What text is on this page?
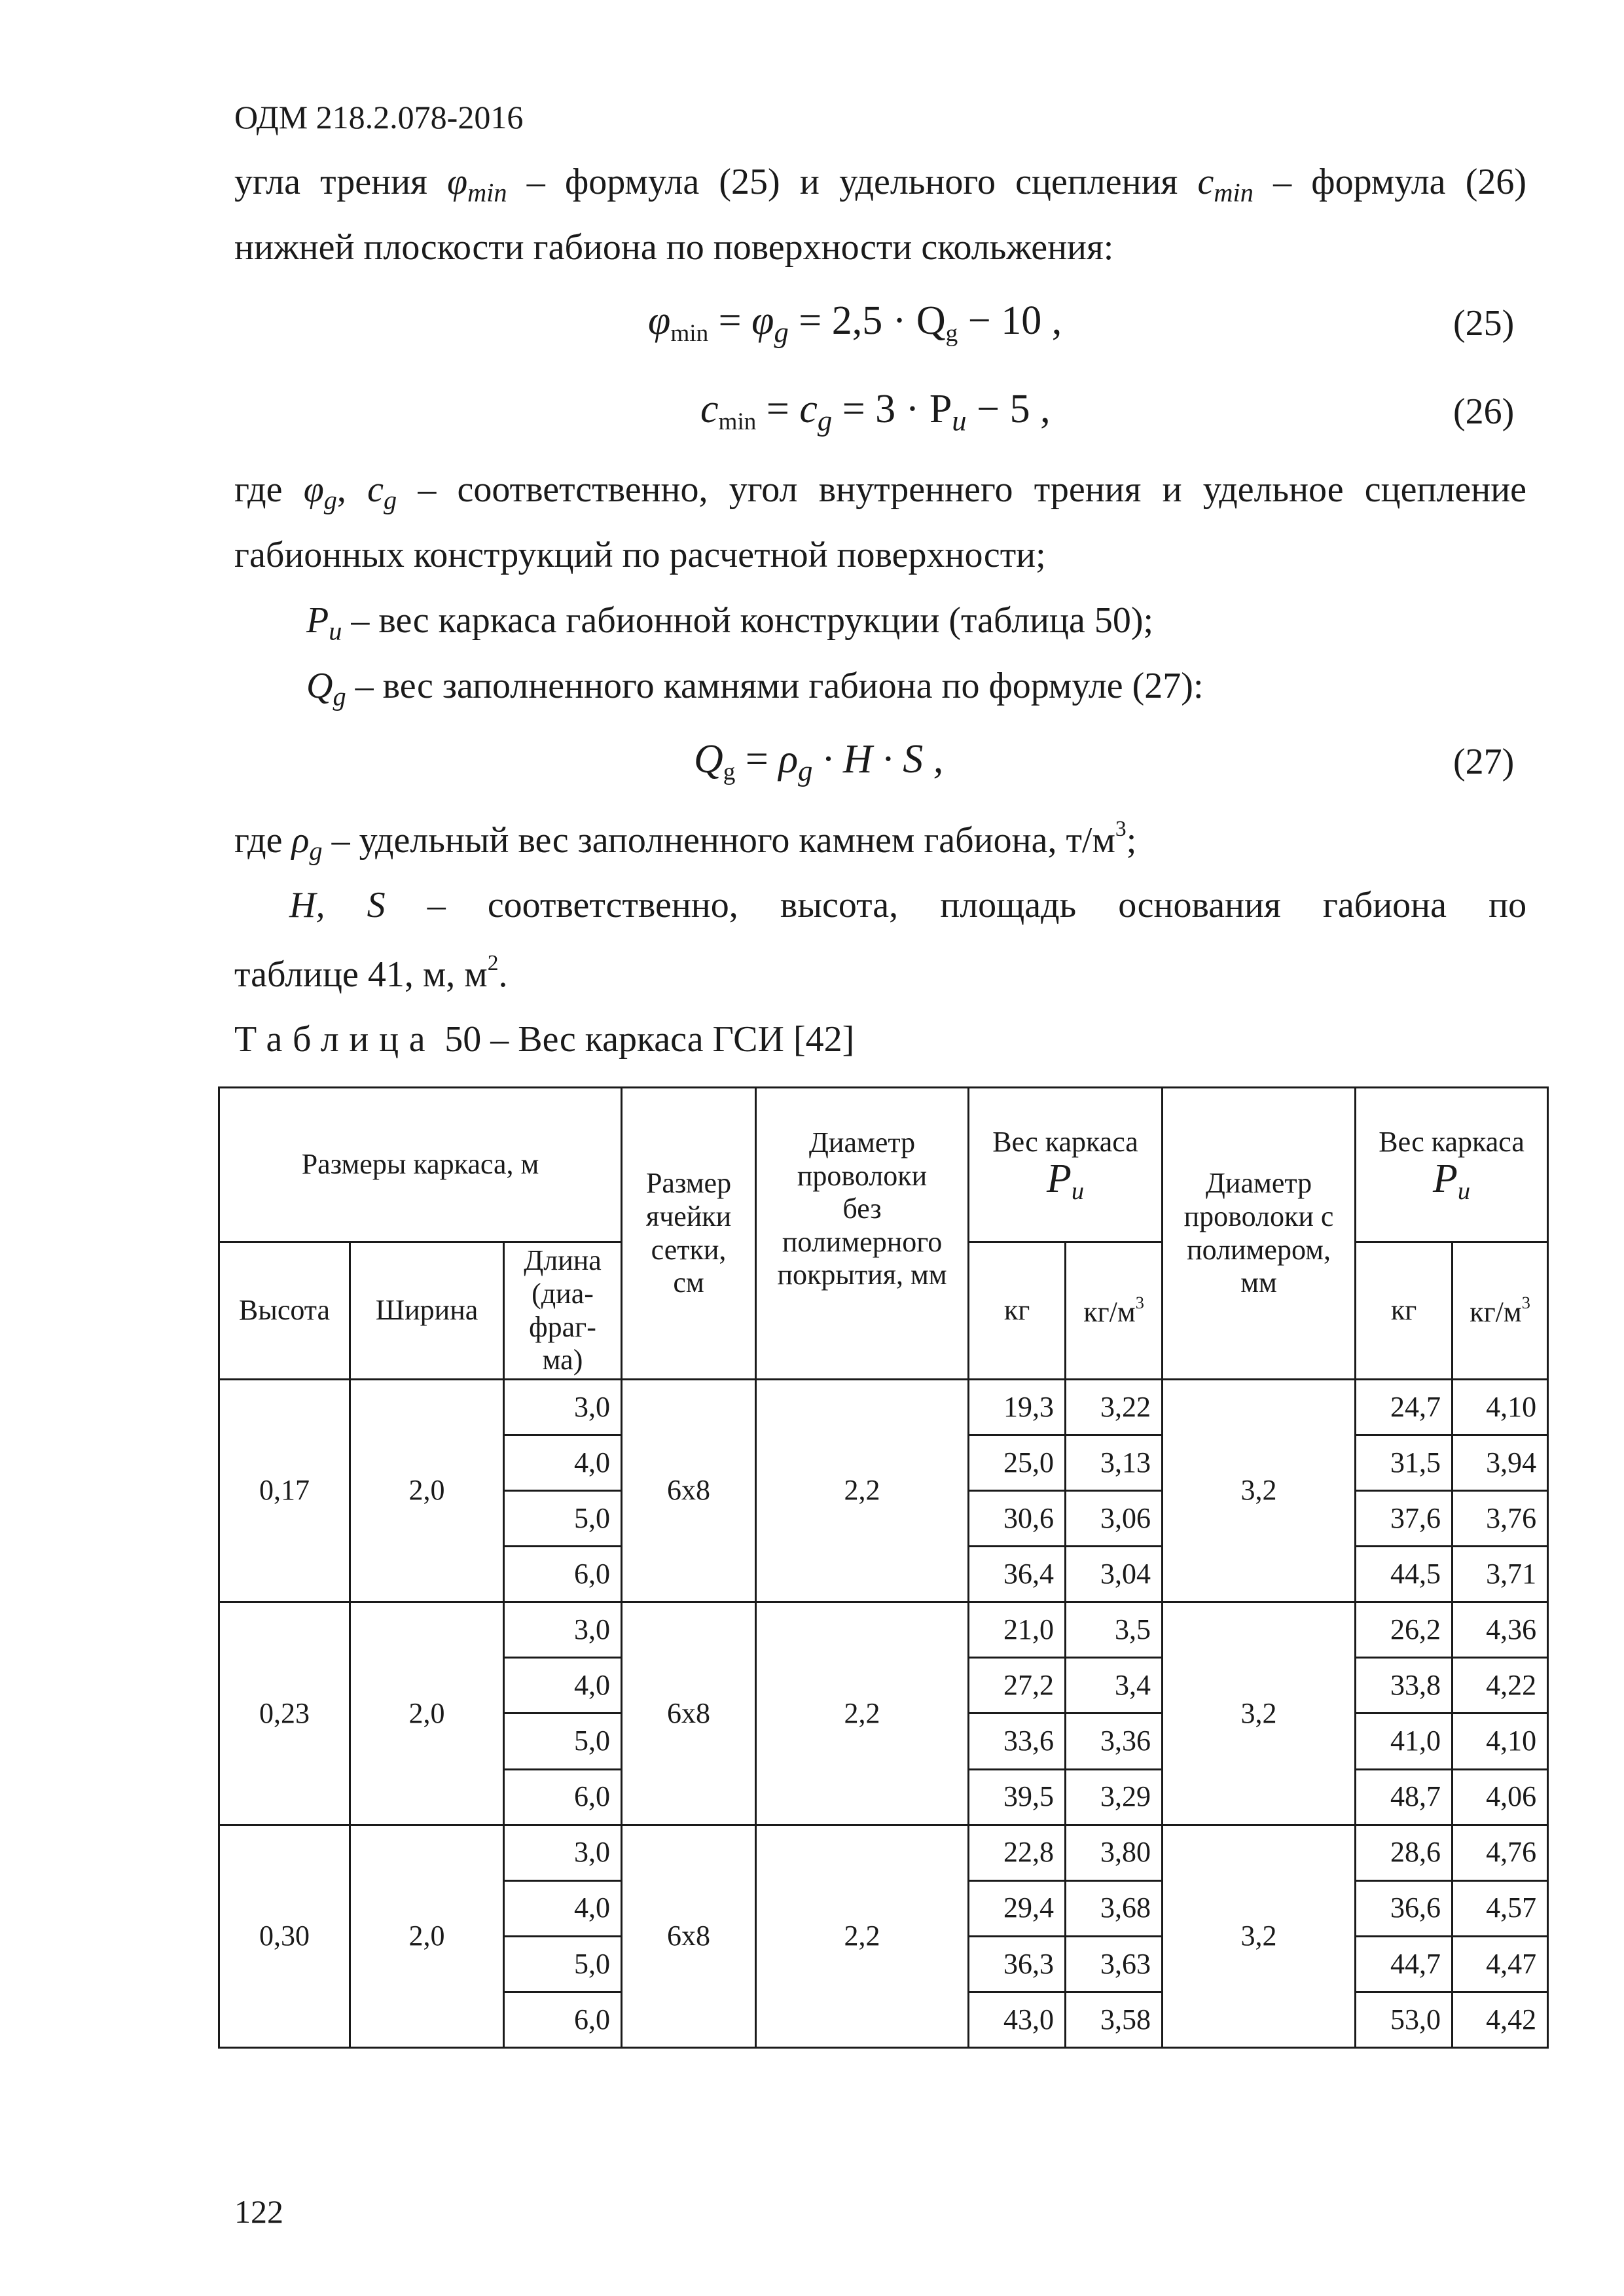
ОДМ 218.2.078-2016
угла трения $\varphi_{min}$ – формула (25) и удельного сцепления $c_{min}$ – формула (26)
нижней плоскости габиона по поверхности скольжения:
$\varphi\min = \varphi_g = 2,5 \cdot Qg - 10$ ,	(25)
$cmin = c_g = 3 \cdot P_и - 5$ ,	(26)
где $\varphi_g$, $c_g$ – соответственно, угол внутреннего трения и удельное сцепление
габионных конструкций по расчетной поверхности;
$P_и$ – вес каркаса габионной конструкции (таблица 50);
$Q_g$ – вес заполненного камнями габиона по формуле (27):
$Qg = \rho_g \cdot H \cdot S$ ,	(27)
где $\rho_g$ – удельный вес заполненного камнем габиона, $т/м^3$;
H, S – соответственно, высота, площадь основания габиона по
таблице 41, м, $м^2$.
Таблица 50 – Вес каркаса ГСИ [42]
Размеры каркаса, м			Размер
ячейки
сетки,
см	Диаметр
проволоки
без
полимерного
покрытия, мм	Вес каркаса
$P_и$		Диаметр
проволоки с
полимером,
мм	Вес каркаса
$P_и$
Высота	Ширина	Длина
(диа-
фраг-
ма)			кг	$кг/м^3$		кг	$кг/м^3$
0,17	2,0	3,0	6x8	2,2	19,3	3,22	3,2	24,7	4,10
		4,0			25,0	3,13		31,5	3,94
		5,0			30,6	3,06		37,6	3,76
		6,0			36,4	3,04		44,5	3,71
0,23	2,0	3,0	6x8	2,2	21,0	3,5	3,2	26,2	4,36
		4,0			27,2	3,4		33,8	4,22
		5,0			33,6	3,36		41,0	4,10
		6,0			39,5	3,29		48,7	4,06
0,30	2,0	3,0	6x8	2,2	22,8	3,80	3,2	28,6	4,76
		4,0			29,4	3,68		36,6	4,57
		5,0			36,3	3,63		44,7	4,47
		6,0			43,0	3,58		53,0	4,42
122
